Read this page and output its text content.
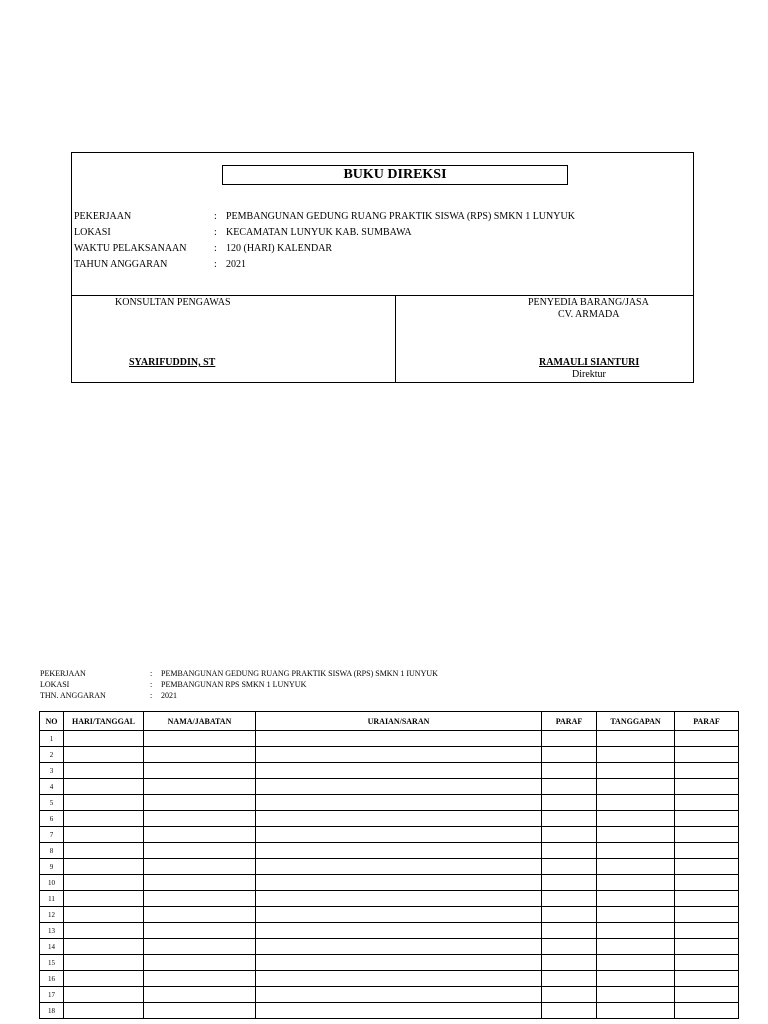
BUKU DIREKSI
PEKERJAAN	: PEMBANGUNAN GEDUNG RUANG PRAKTIK SISWA (RPS) SMKN 1 LUNYUK
LOKASI	: KECAMATAN LUNYUK KAB. SUMBAWA
WAKTU PELAKSANAAN	: 120 (HARI) KALENDAR
TAHUN ANGGARAN	: 2021
KONSULTAN PENGAWAS
SYARIFUDDIN, ST
PENYEDIA BARANG/JASA
CV. ARMADA
RAMAULI SIANTURI
Direktur
PEKERJAAN	: PEMBANGUNAN GEDUNG RUANG PRAKTIK SISWA (RPS) SMKN 1 IUNYUK
LOKASI	: PEMBANGUNAN RPS SMKN 1 LUNYUK
THN. ANGGARAN	: 2021
NO	HARI/TANGGAL	NAMA/JABATAN	URAIAN/SARAN	PARAF	TANGGAPAN	PARAF
1						
2						
3						
4						
5						
6						
7						
8						
9						
10						
11						
12						
13						
14						
15						
16						
17						
18						
